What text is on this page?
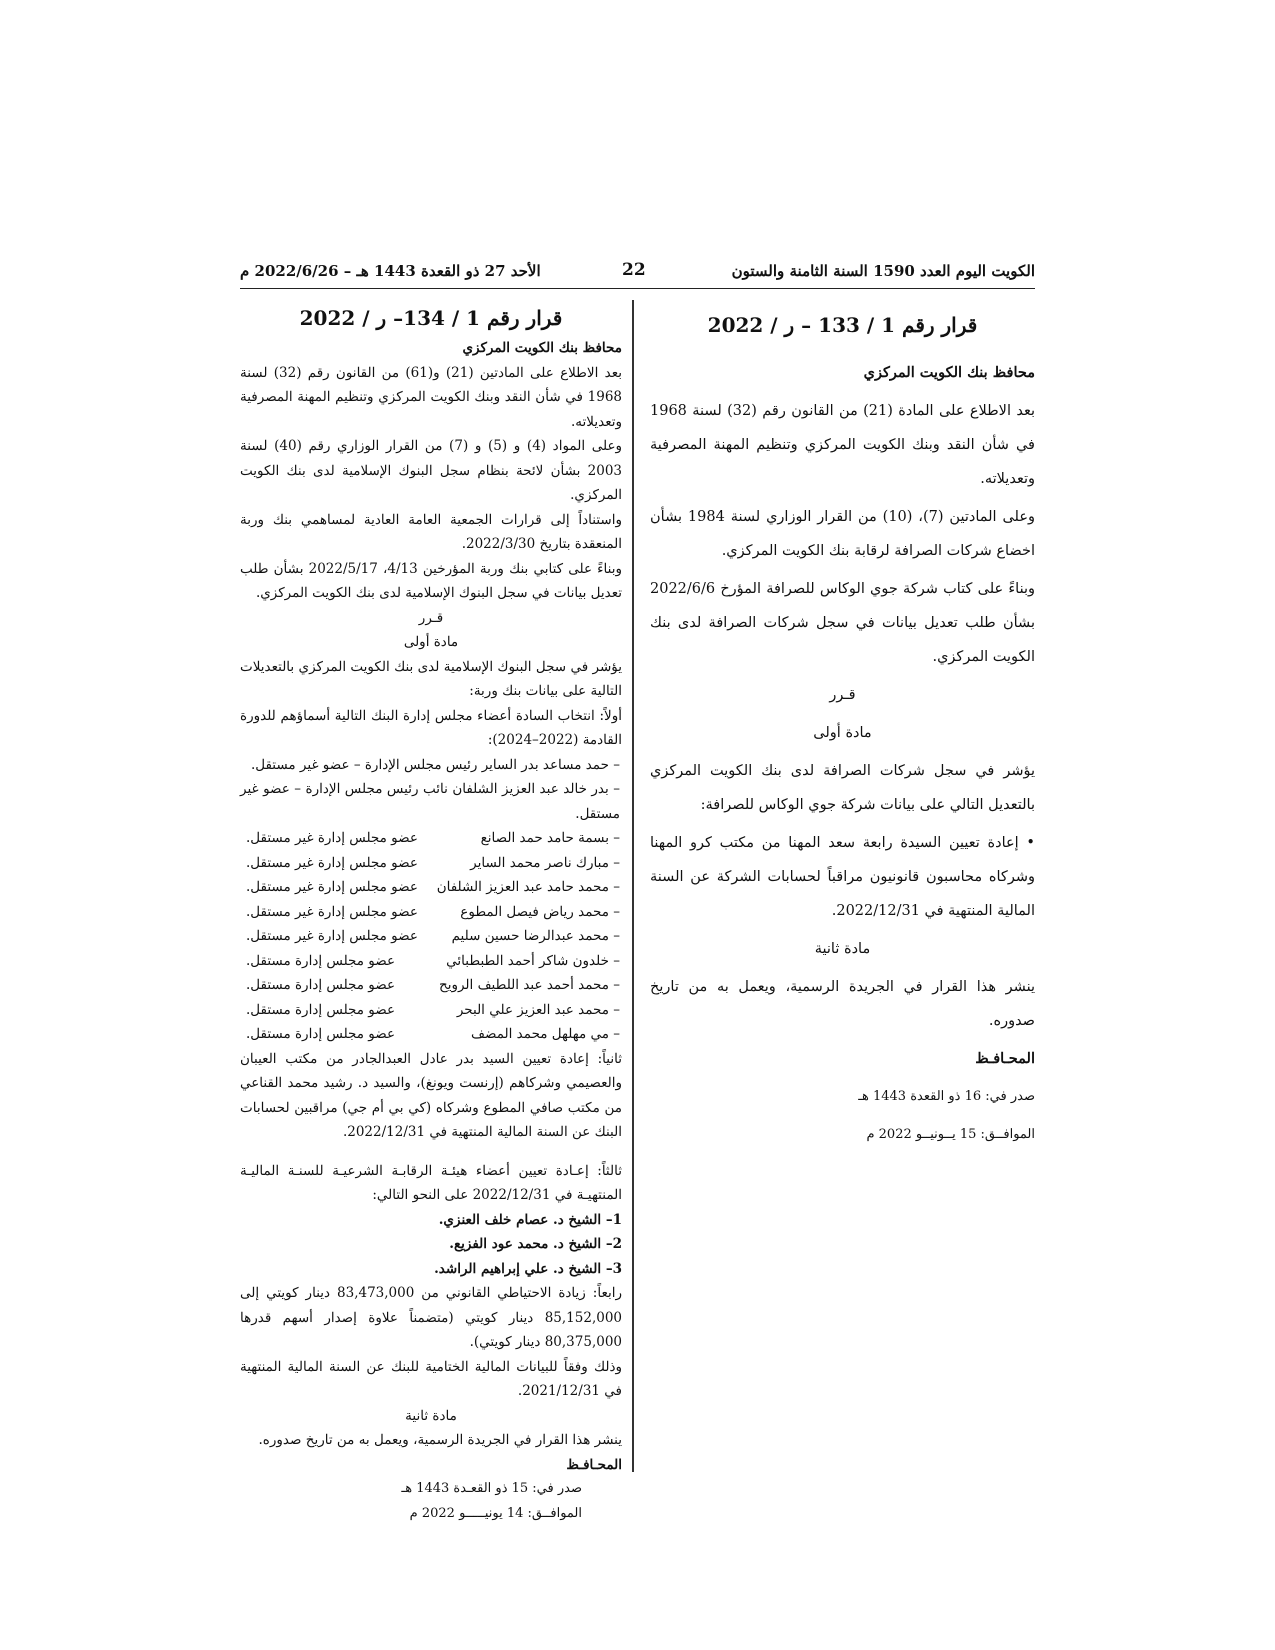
الكويت اليوم العدد 1590 السنة الثامنة والستون
22
الأحد 27 ذو القعدة 1443 هـ – 2022/6/26 م
قرار رقم 1 / 133 – ر / 2022

محافظ بنك الكويت المركزي

بعد الاطلاع على المادة (21) من القانون رقم (32) لسنة 1968 في شأن النقد وبنك الكويت المركزي وتنظيم المهنة المصرفية وتعديلاته.

وعلى المادتين (7)، (10) من القرار الوزاري لسنة 1984 بشأن اخضاع شركات الصرافة لرقابة بنك الكويت المركزي.

وبناءً على كتاب شركة جوي الوكاس للصرافة المؤرخ 2022/6/6 بشأن طلب تعديل بيانات في سجل شركات الصرافة لدى بنك الكويت المركزي.

قـرر

مادة أولى

يؤشر في سجل شركات الصرافة لدى بنك الكويت المركزي بالتعديل التالي على بيانات شركة جوي الوكاس للصرافة:

• إعادة تعيين السيدة رابعة سعد المهنا من مكتب كرو المهنا وشركاه محاسبون قانونيون مراقباً لحسابات الشركة عن السنة المالية المنتهية في 2022/12/31.

مادة ثانية

ينشر هذا القرار في الجريدة الرسمية، ويعمل به من تاريخ صدوره.

المحـافـظ

صدر في: 16 ذو القعدة 1443 هـ

الموافــق: 15 يــونيــو 2022 م

قرار رقم 1 / 134– ر / 2022

محافظ بنك الكويت المركزي

بعد الاطلاع على المادتين (21) و(61) من القانون رقم (32) لسنة 1968 في شأن النقد وبنك الكويت المركزي وتنظيم المهنة المصرفية وتعديلاته.

وعلى المواد (4) و (5) و (7) من القرار الوزاري رقم (40) لسنة 2003 بشأن لائحة بنظام سجل البنوك الإسلامية لدى بنك الكويت المركزي.

واستناداً إلى قرارات الجمعية العامة العادية لمساهمي بنك وربة المنعقدة بتاريخ 2022/3/30.

وبناءً على كتابي بنك وربة المؤرخين 4/13، 2022/5/17 بشأن طلب تعديل بيانات في سجل البنوك الإسلامية لدى بنك الكويت المركزي.

قـرر

مادة أولى

يؤشر في سجل البنوك الإسلامية لدى بنك الكويت المركزي بالتعديلات التالية على بيانات بنك وربة:

أولاً: انتخاب السادة أعضاء مجلس إدارة البنك التالية أسماؤهم للدورة القادمة (2022–2024):

– حمد مساعد بدر الساير رئيس مجلس الإدارة – عضو غير مستقل.

– بدر خالد عبد العزيز الشلفان نائب رئيس مجلس الإدارة – عضو غير مستقل.

– بسمة حامد حمد الصانع
عضو مجلس إدارة غير مستقل.
– مبارك ناصر محمد الساير
عضو مجلس إدارة غير مستقل.
– محمد حامد عبد العزيز الشلفان
عضو مجلس إدارة غير مستقل.
– محمد رياض فيصل المطوع
عضو مجلس إدارة غير مستقل.
– محمد عبدالرضا حسين سليم
عضو مجلس إدارة غير مستقل.
– خلدون شاكر أحمد الطبطبائي
عضو مجلس إدارة مستقل.
– محمد أحمد عبد اللطيف الرويح
عضو مجلس إدارة مستقل.
– محمد عبد العزيز علي البحر
عضو مجلس إدارة مستقل.
– مي مهلهل محمد المضف
عضو مجلس إدارة مستقل.

ثانياً: إعادة تعيين السيد بدر عادل العبدالجادر من مكتب العيبان والعصيمي وشركاهم (إرنست ويونغ)، والسيد د. رشيد محمد القناعي من مكتب صافي المطوع وشركاه (كي بي أم جي) مراقبين لحسابات البنك عن السنة المالية المنتهية في 2022/12/31.

ثالثاً: إعـادة تعيين أعضاء هيئـة الرقابـة الشرعيـة للسنـة الماليـة المنتهيـة في 2022/12/31 على النحو التالي:

1– الشيخ د. عصام خلف العنزي.

2– الشيخ د. محمد عود الفزيع.

3– الشيخ د. علي إبراهيم الراشد.

رابعاً: زيادة الاحتياطي القانوني من 83,473,000 دينار كويتي إلى 85,152,000 دينار كويتي (متضمناً علاوة إصدار أسهم قدرها 80,375,000 دينار كويتي).

وذلك وفقاً للبيانات المالية الختامية للبنك عن السنة المالية المنتهية في 2021/12/31.

مادة ثانية

ينشر هذا القرار في الجريدة الرسمية، ويعمل به من تاريخ صدوره.

المحـافـظ

صدر في: 15 ذو القعـدة 1443 هـ

الموافــق: 14 يونيـــــو 2022 م
